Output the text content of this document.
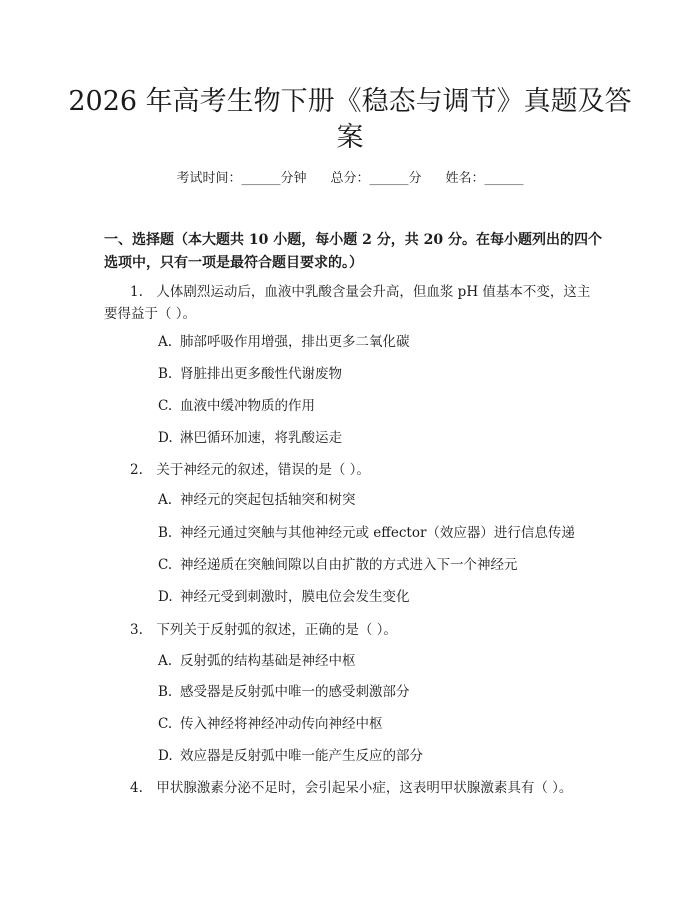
2026 年高考生物下册《稳态与调节》真题及答案
考试时间：______分钟 总分：______分 姓名：______

一、选择题（本大题共 10 小题，每小题 2 分，共 20 分。在每小题列出的四个选项中，只有一项是最符合题目要求的。）

1.　人体剧烈运动后，血液中乳酸含量会升高，但血浆 pH 值基本不变，这主要得益于（ ）。
A. 肺部呼吸作用增强，排出更多二氧化碳
B. 肾脏排出更多酸性代谢废物
C. 血液中缓冲物质的作用
D. 淋巴循环加速，将乳酸运走
2.　关于神经元的叙述，错误的是（ ）。
A. 神经元的突起包括轴突和树突
B. 神经元通过突触与其他神经元或 effector（效应器）进行信息传递
C. 神经递质在突触间隙以自由扩散的方式进入下一个神经元
D. 神经元受到刺激时，膜电位会发生变化
3.　下列关于反射弧的叙述，正确的是（ ）。
A. 反射弧的结构基础是神经中枢
B. 感受器是反射弧中唯一的感受刺激部分
C. 传入神经将神经冲动传向神经中枢
D. 效应器是反射弧中唯一能产生反应的部分
4.　甲状腺激素分泌不足时，会引起呆小症，这表明甲状腺激素具有（ ）。
